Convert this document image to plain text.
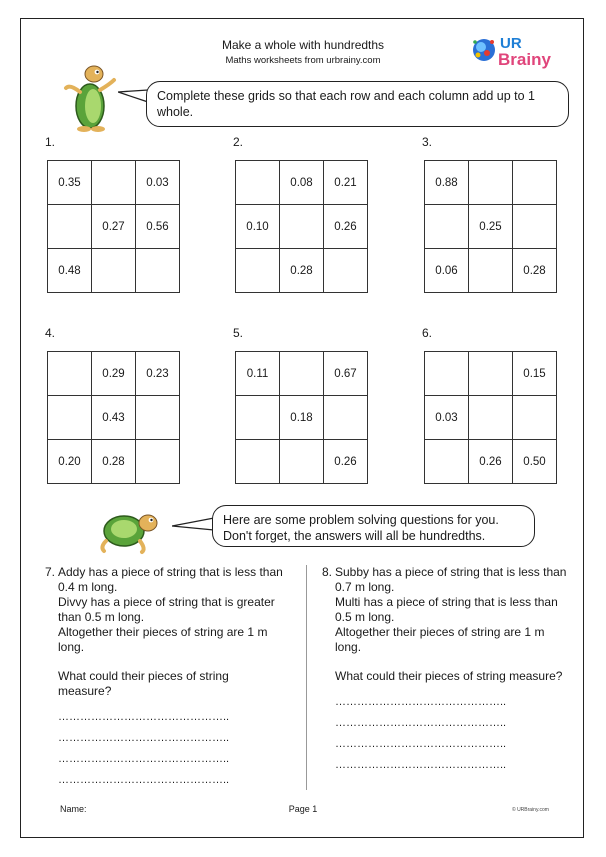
Make a whole with hundredths
Maths worksheets from urbrainy.com
UR
Brainy
Complete these grids so that each row and each column add up to 1 whole.
1.
0.35		0.03
	0.27	0.56
0.48		
2.
	0.08	0.21
0.10		0.26
	0.28	
3.
0.88		
	0.25	
0.06		0.28
4.
	0.29	0.23
	0.43	
0.20	0.28	
5.
0.11		0.67
	0.18	
		0.26
6.
		0.15
0.03		
	0.26	0.50
Here are some problem solving questions for you. Don't forget, the answers will all be hundredths.
7. Addy has a piece of string that is less than 0.4 m long.

Divvy has a piece of string that is greater than 0.5 m long.

Altogether their pieces of string are 1 m long.

What could their pieces of string measure?

………………………………………..
………………………………………..
………………………………………..
………………………………………..
8. Subby has a piece of string that is less than 0.7 m long.

Multi has a piece of string that is less than 0.5 m long.

Altogether their pieces of string are 1 m long.

What could their pieces of string measure?

………………………………………..
………………………………………..
………………………………………..
………………………………………..
Name:	Page 1	© URBrainy.com
